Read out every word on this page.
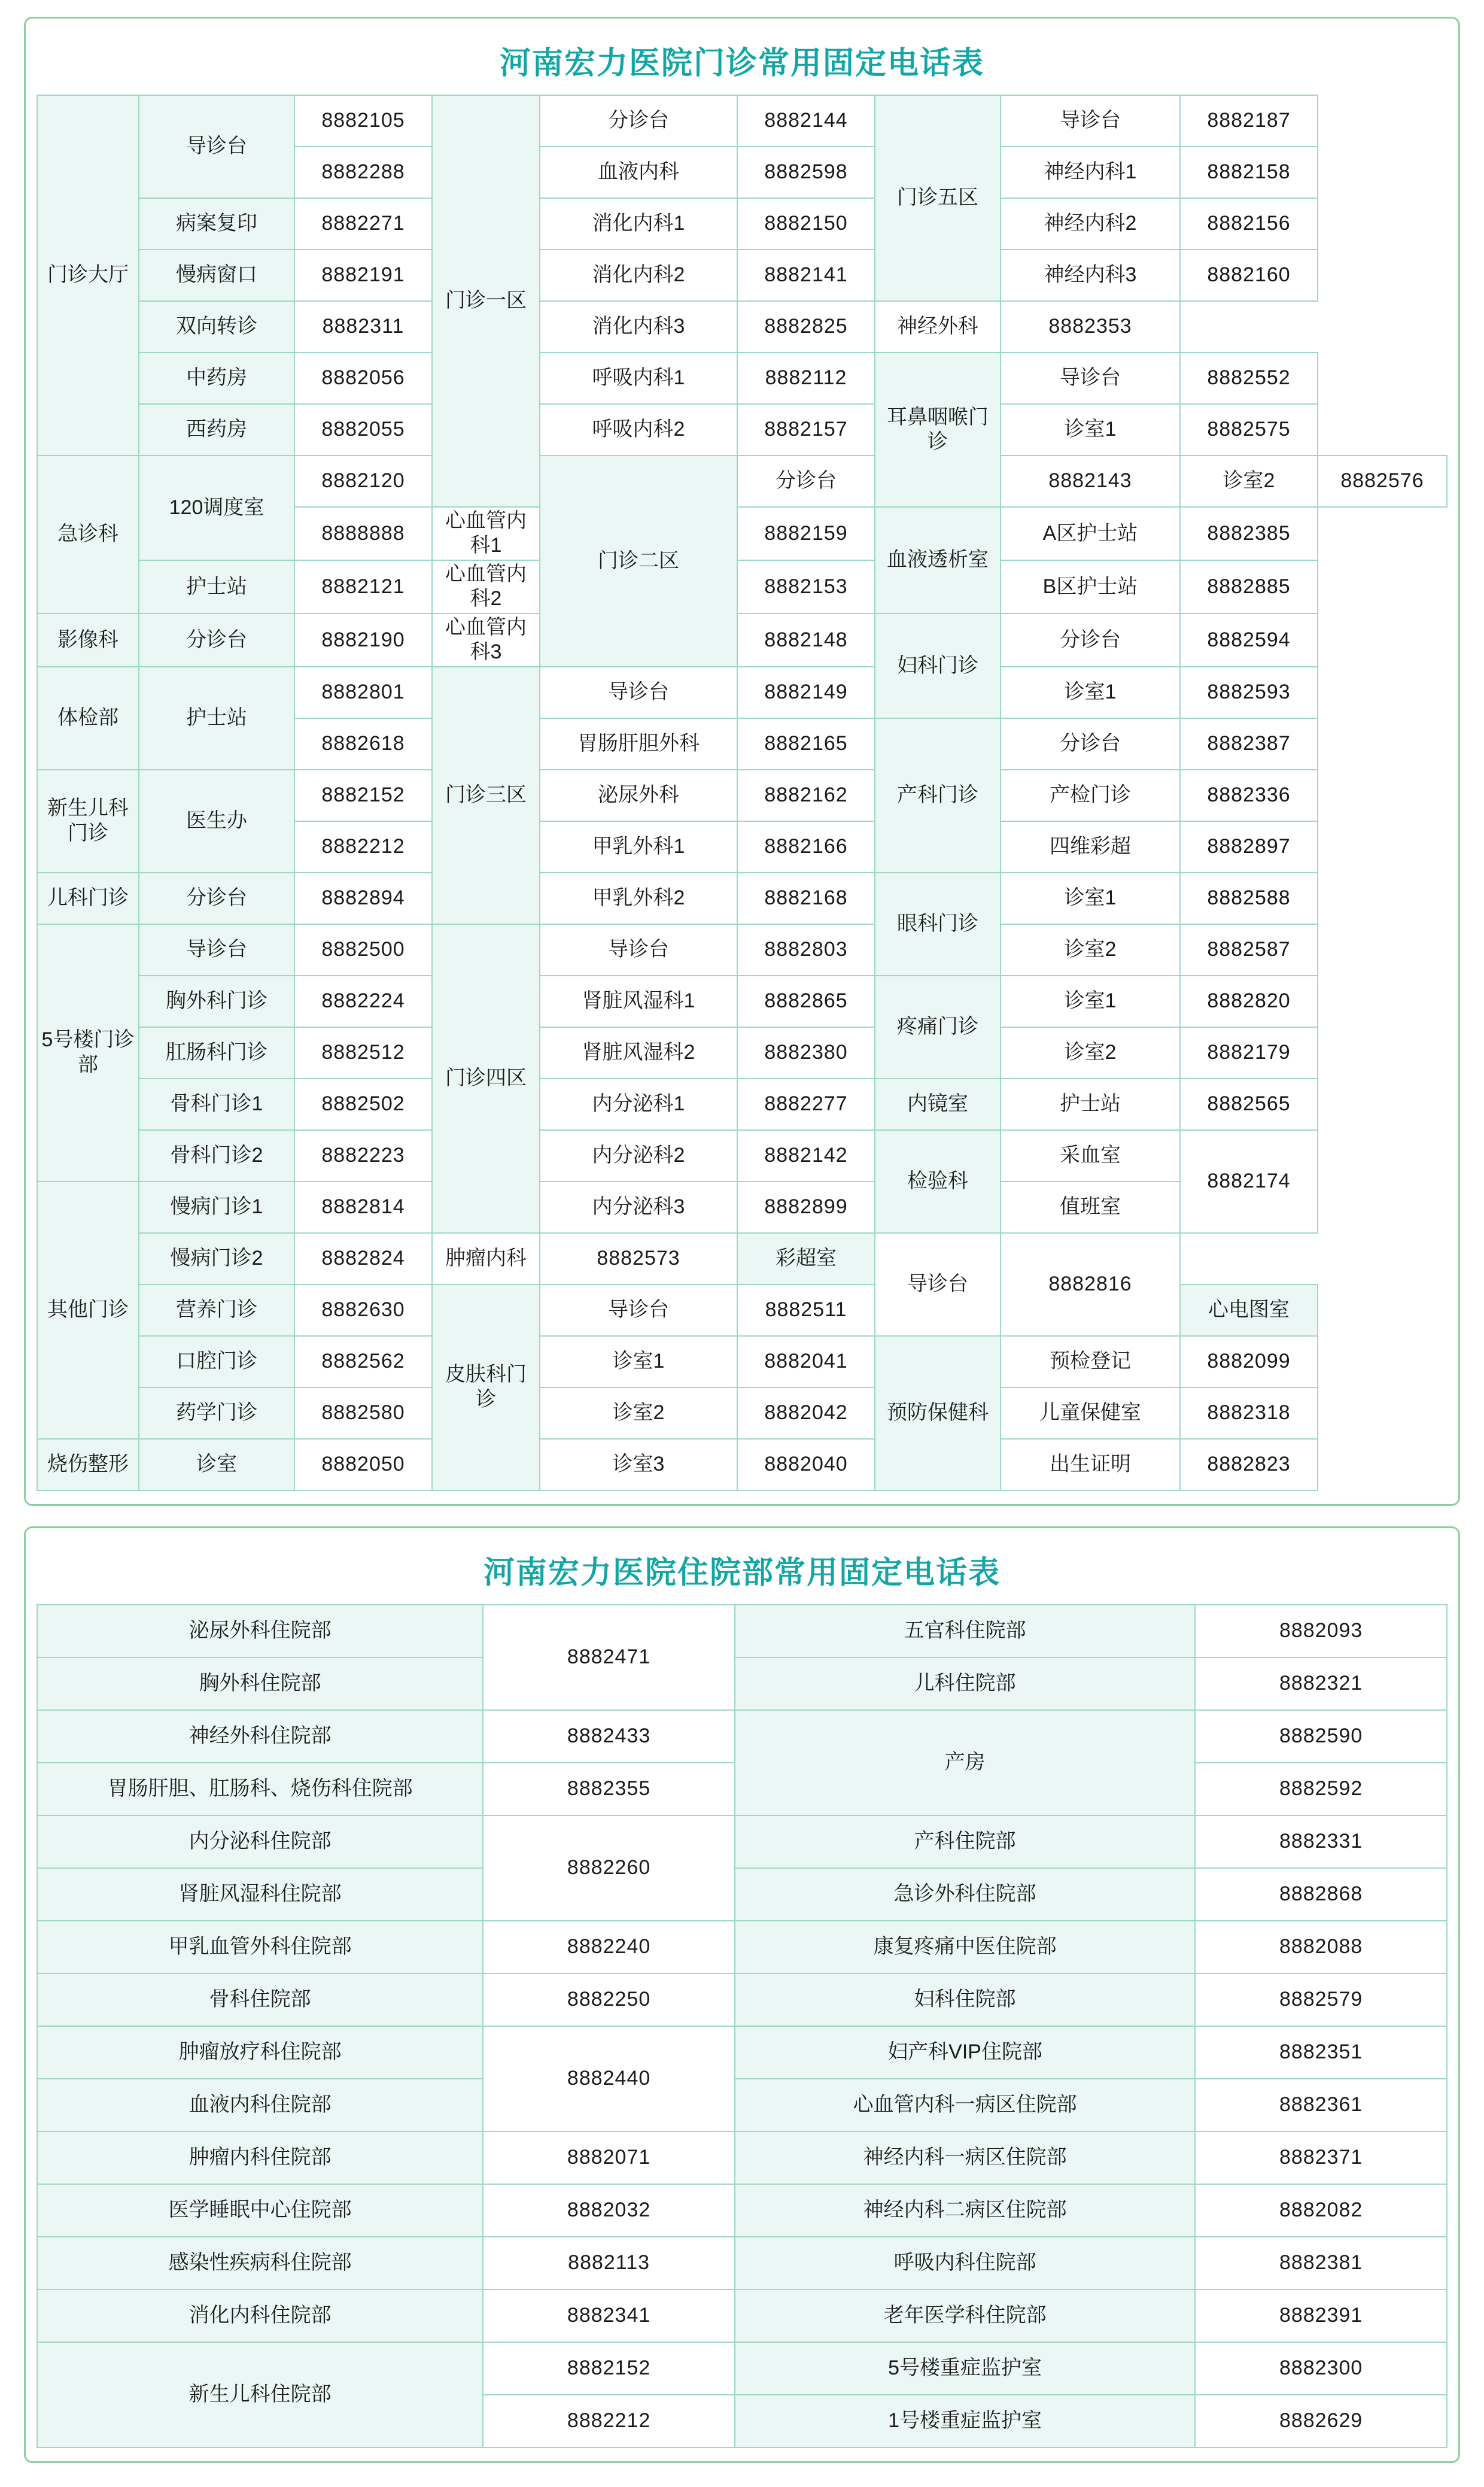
河南宏力医院门诊常用固定电话表
门诊大厅	导诊台	8882105	门诊一区	分诊台	8882144	门诊五区	导诊台	8882187	
		8882288		血液内科	8882598		神经内科1	8882158	
	病案复印	8882271		消化内科1	8882150		神经内科2	8882156	
	慢病窗口	8882191		消化内科2	8882141		神经内科3	8882160	
	双向转诊	8882311		消化内科3	8882825	神经外科	8882353		
	中药房	8882056		呼吸内科1	8882112	耳鼻咽喉门诊	导诊台	8882552	
	西药房	8882055		呼吸内科2	8882157		诊室1	8882575	
急诊科	120调度室	8882120		门诊二区	分诊台		8882143	诊室2	8882576
		8888888	心血管内科1		8882159	血液透析室	A区护士站	8882385	
	护士站	8882121	心血管内科2		8882153		B区护士站	8882885	
影像科	分诊台	8882190	心血管内科3		8882148	妇科门诊	分诊台	8882594	
体检部	护士站	8882801	门诊三区	导诊台	8882149		诊室1	8882593	
		8882618		胃肠肝胆外科	8882165	产科门诊	分诊台	8882387	
新生儿科门诊	医生办	8882152		泌尿外科	8882162		产检门诊	8882336	
		8882212		甲乳外科1	8882166		四维彩超	8882897	
儿科门诊	分诊台	8882894		甲乳外科2	8882168	眼科门诊	诊室1	8882588	
5号楼门诊部	导诊台	8882500	门诊四区	导诊台	8882803		诊室2	8882587	
	胸外科门诊	8882224		肾脏风湿科1	8882865	疼痛门诊	诊室1	8882820	
	肛肠科门诊	8882512		肾脏风湿科2	8882380		诊室2	8882179	
	骨科门诊1	8882502		内分泌科1	8882277	内镜室	护士站	8882565	
	骨科门诊2	8882223		内分泌科2	8882142	检验科	采血室	8882174	
其他门诊	慢病门诊1	8882814		内分泌科3	8882899		值班室		
	慢病门诊2	8882824	肿瘤内科	8882573	彩超室	导诊台	8882816		
	营养门诊	8882630	皮肤科门诊	导诊台	8882511			心电图室	
	口腔门诊	8882562		诊室1	8882041	预防保健科	预检登记	8882099	
	药学门诊	8882580		诊室2	8882042		儿童保健室	8882318	
烧伤整形	诊室	8882050		诊室3	8882040		出生证明	8882823	
河南宏力医院住院部常用固定电话表
泌尿外科住院部	8882471	五官科住院部	8882093
胸外科住院部		儿科住院部	8882321
神经外科住院部	8882433	产房	8882590
胃肠肝胆、肛肠科、烧伤科住院部	8882355		8882592
内分泌科住院部	8882260	产科住院部	8882331
肾脏风湿科住院部		急诊外科住院部	8882868
甲乳血管外科住院部	8882240	康复疼痛中医住院部	8882088
骨科住院部	8882250	妇科住院部	8882579
肿瘤放疗科住院部	8882440	妇产科VIP住院部	8882351
血液内科住院部		心血管内科一病区住院部	8882361
肿瘤内科住院部	8882071	神经内科一病区住院部	8882371
医学睡眠中心住院部	8882032	神经内科二病区住院部	8882082
感染性疾病科住院部	8882113	呼吸内科住院部	8882381
消化内科住院部	8882341	老年医学科住院部	8882391
新生儿科住院部	8882152	5号楼重症监护室	8882300
	8882212	1号楼重症监护室	8882629
